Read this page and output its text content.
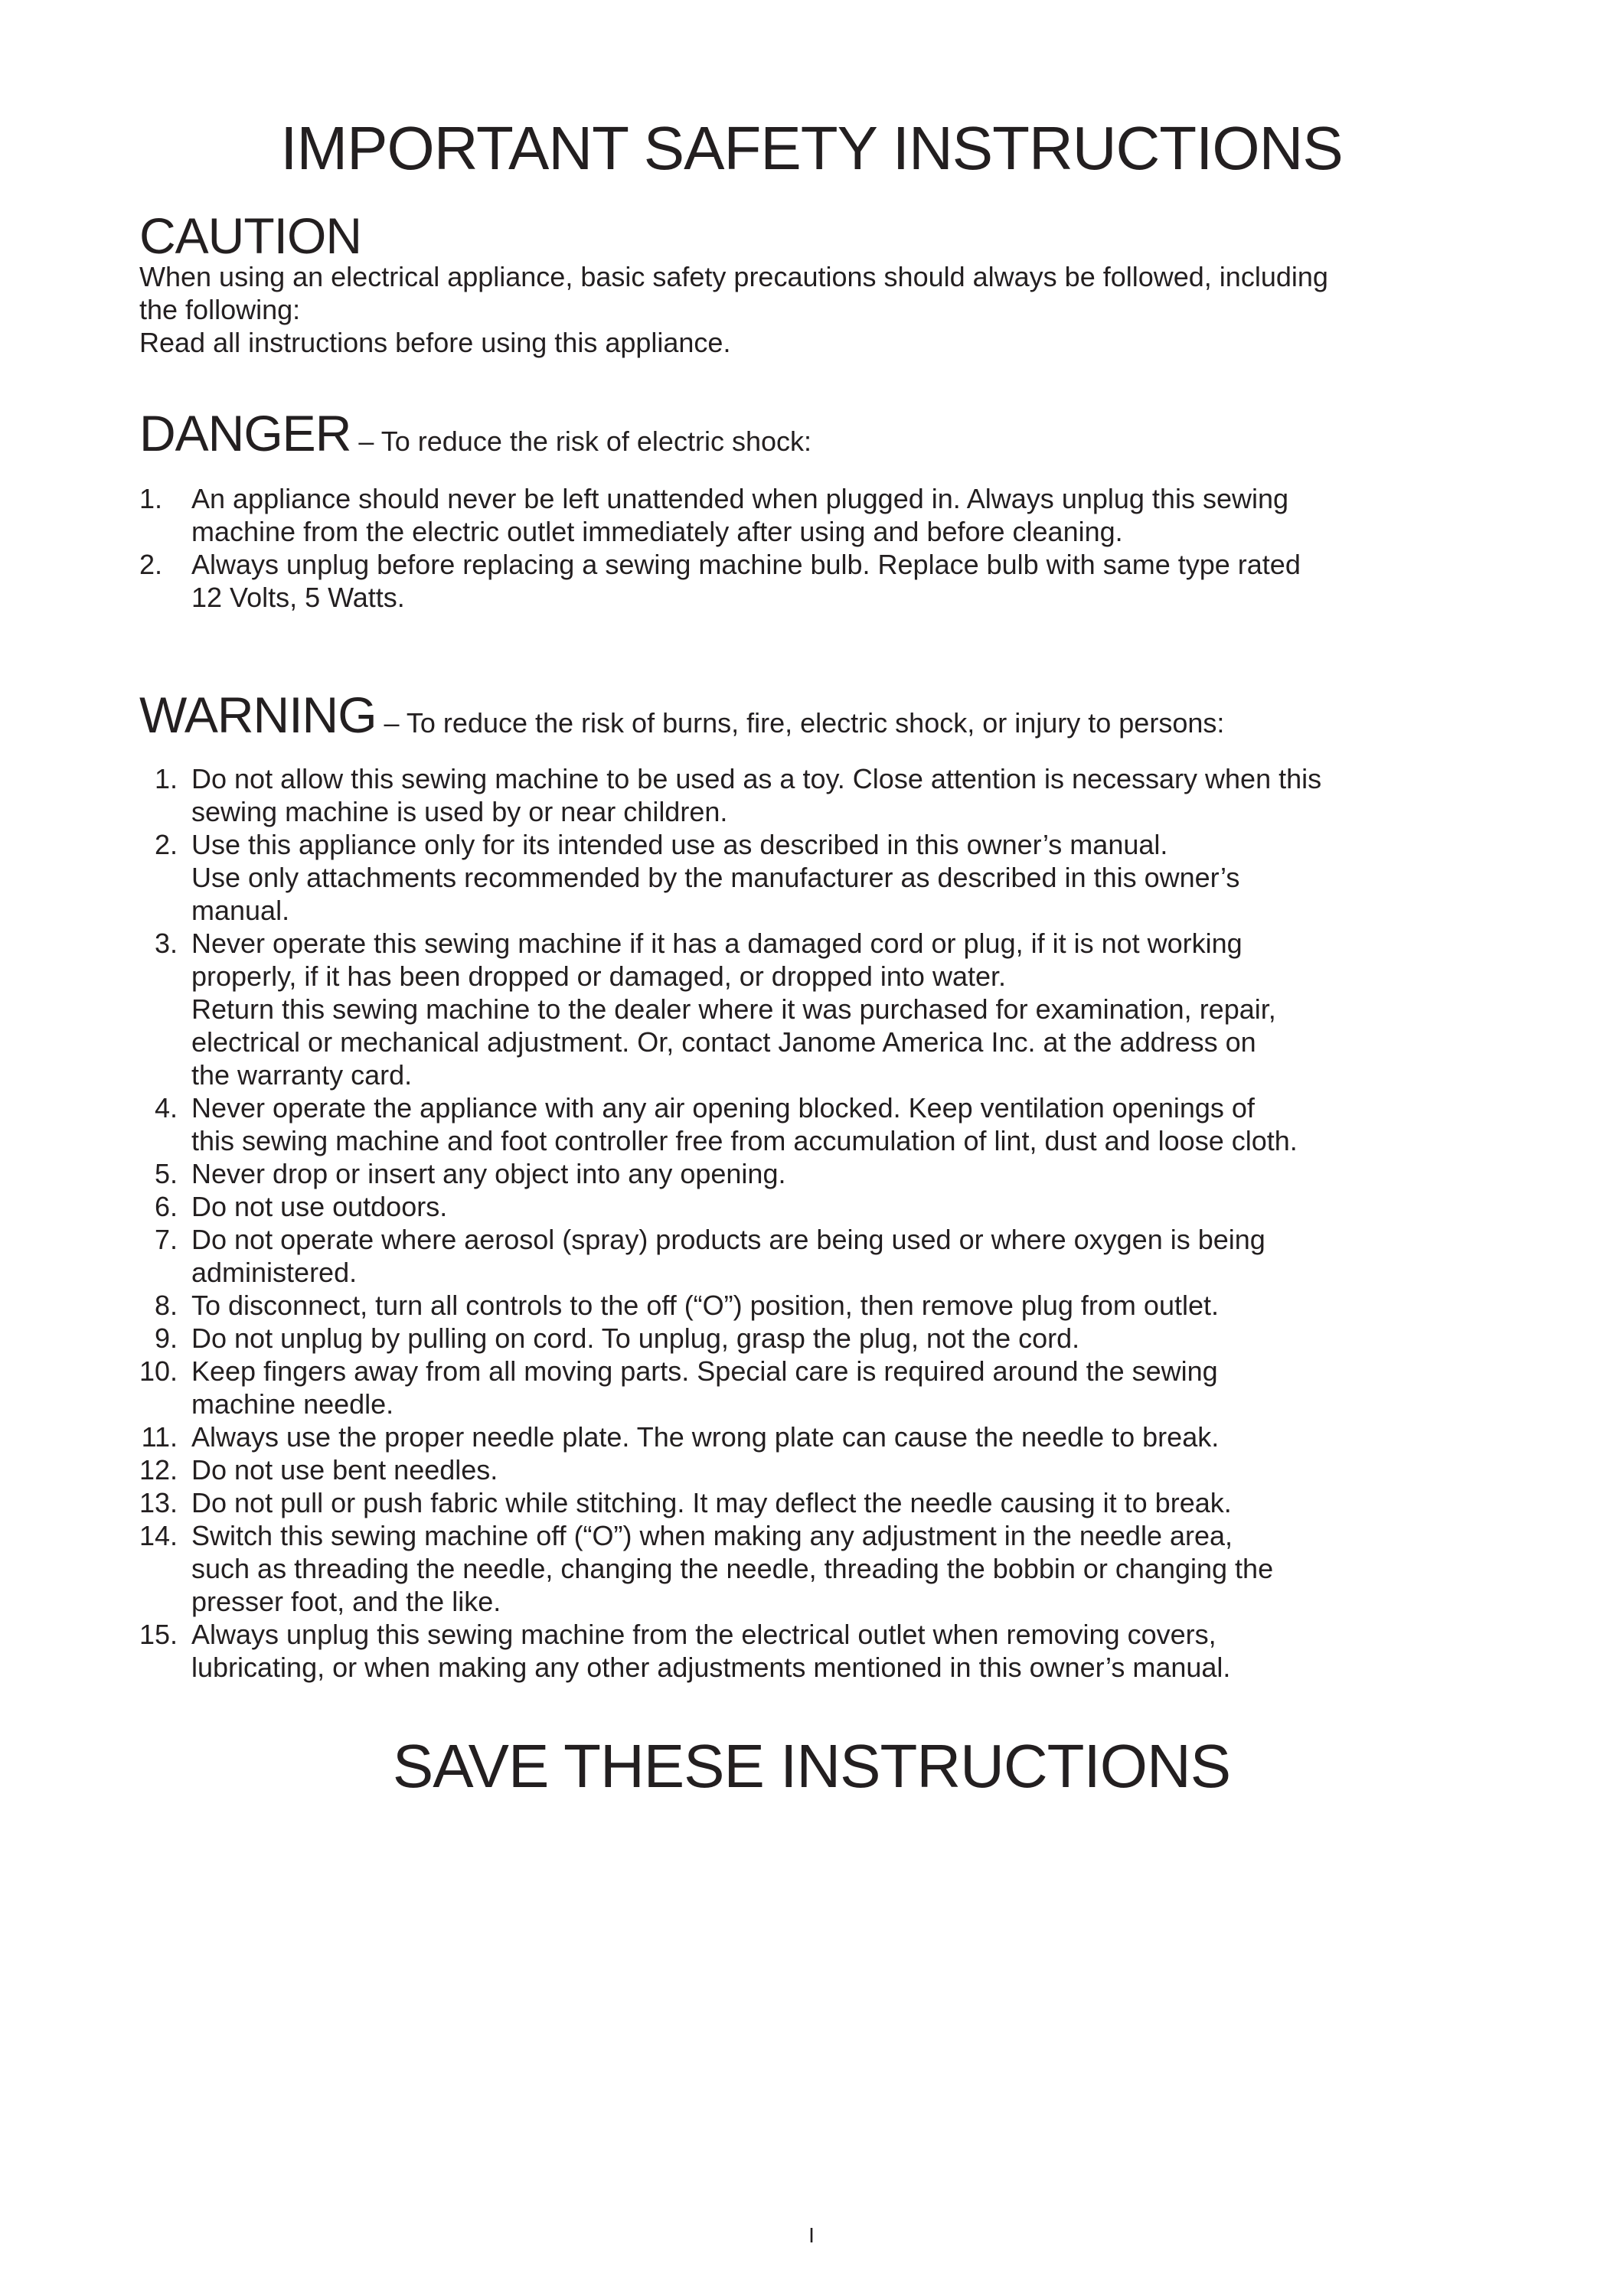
IMPORTANT SAFETY INSTRUCTIONS
CAUTION

When using an electrical appliance, basic safety precautions should always be followed, including

the following:

Read all instructions before using this appliance.

DANGER – To reduce the risk of electric shock:
1.	An appliance should never be left unattended when plugged in. Always unplug this sewing
machine from the electric outlet immediately after using and before cleaning.
2.	Always unplug before replacing a sewing machine bulb. Replace bulb with same type rated
12 Volts, 5 Watts.
WARNING – To reduce the risk of burns, fire, electric shock, or injury to persons:
1. Do not allow this sewing machine to be used as a toy. Close attention is necessary when this
sewing machine is used by or near children.
2. Use this appliance only for its intended use as described in this owner’s manual.
Use only attachments recommended by the manufacturer as described in this owner’s
manual.
3. Never operate this sewing machine if it has a damaged cord or plug, if it is not working
properly, if it has been dropped or damaged, or dropped into water.
Return this sewing machine to the dealer where it was purchased for examination, repair,
electrical or mechanical adjustment. Or, contact Janome America Inc. at the address on
the warranty card.
4. Never operate the appliance with any air opening blocked. Keep ventilation openings of
this sewing machine and foot controller free from accumulation of lint, dust and loose cloth.
5. Never drop or insert any object into any opening.
6. Do not use outdoors.
7. Do not operate where aerosol (spray) products are being used or where oxygen is being
administered.
8. To disconnect, turn all controls to the off (“O”) position, then remove plug from outlet.
9. Do not unplug by pulling on cord. To unplug, grasp the plug, not the cord.
10. Keep fingers away from all moving parts. Special care is required around the sewing
machine needle.
11. Always use the proper needle plate. The wrong plate can cause the needle to break.
12. Do not use bent needles.
13. Do not pull or push fabric while stitching. It may deflect the needle causing it to break.
14. Switch this sewing machine off (“O”) when making any adjustment in the needle area,
such as threading the needle, changing the needle, threading the bobbin or changing the
presser foot, and the like.
15. Always unplug this sewing machine from the electrical outlet when removing covers,
lubricating, or when making any other adjustments mentioned in this owner’s manual.
SAVE THESE INSTRUCTIONS
I
